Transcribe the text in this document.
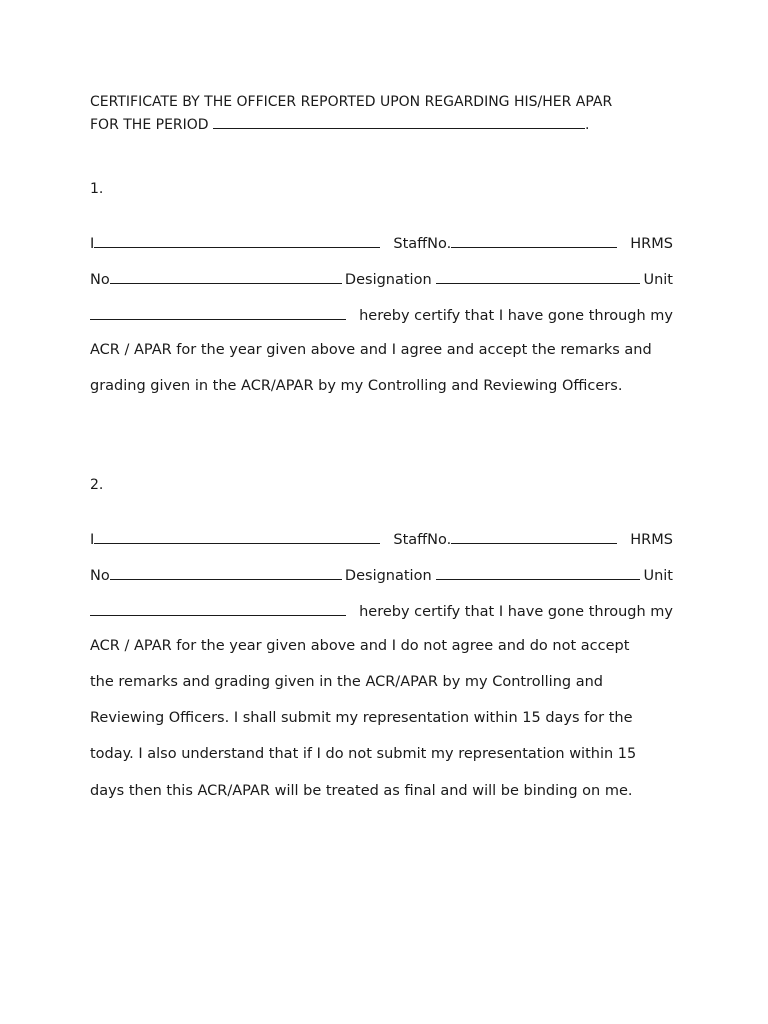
CERTIFICATE BY THE OFFICER REPORTED UPON REGARDING HIS/HER APAR
FOR THE PERIOD	.
1.
I	StaffNo.	HRMS
No	Designation	Unit
hereby certify that I have gone through my
ACR / APAR for the year given above and I agree and accept the remarks and
grading given in the ACR/APAR by my Controlling and Reviewing Officers.
2.
I	StaffNo.	HRMS
No	Designation	Unit
hereby certify that I have gone through my
ACR / APAR for the year given above and I do not agree and do not accept
the remarks and grading given in the ACR/APAR by my Controlling and
Reviewing Officers. I shall submit my representation within 15 days for the
today. I also understand that if I do not submit my representation within 15
days then this ACR/APAR will be treated as final and will be binding on me.
